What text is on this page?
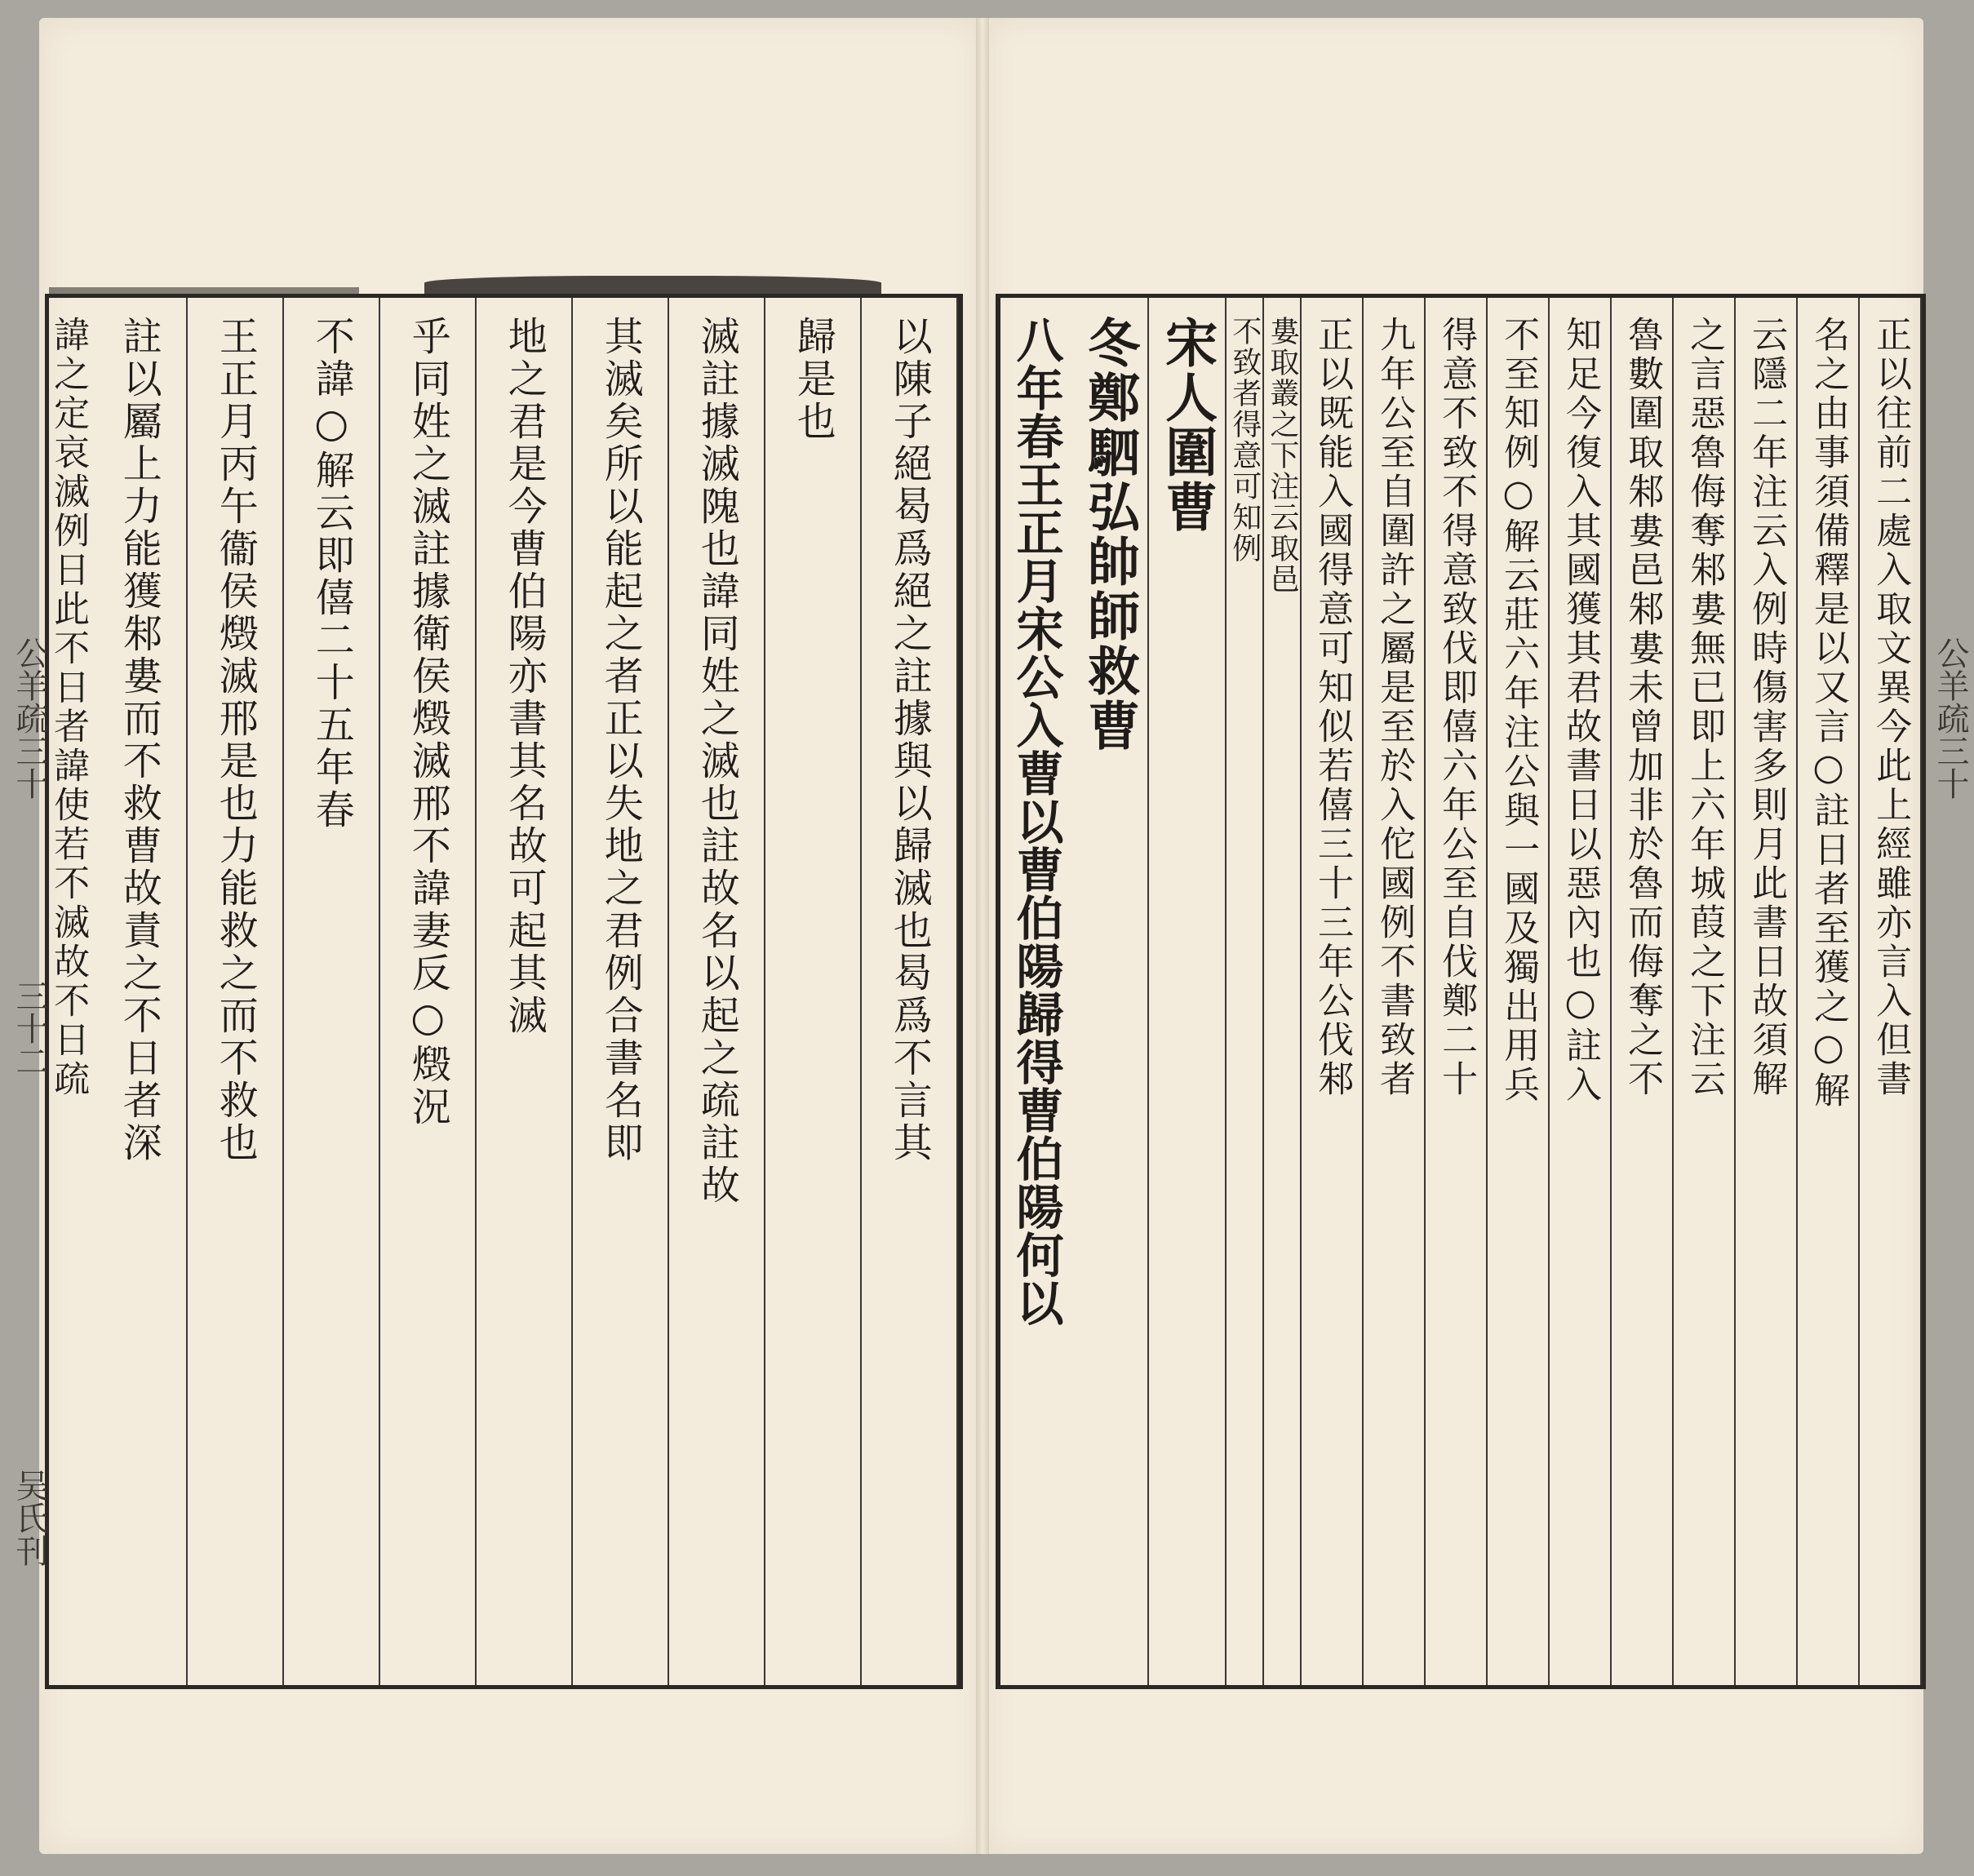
以陳子絕曷爲絕之註據與以歸滅也曷爲不言其
歸是也
滅註據滅隗也諱同姓之滅也註故名以起之疏註故
其滅矣所以能起之者正以失地之君例合書名即
地之君是今曹伯陽亦書其名故可起其滅
乎同姓之滅註據衛侯燬滅邢不諱妻反○燬況
不諱○解云即僖二十五年春
王正月丙午衞侯燬滅邢是也力能救之而不救也
註以屬上力能獲邾婁而不救曹故責之不日者深
諱之定哀滅例日此不日者諱使若不滅故不日疏
公羊疏三十
三十二
吴氏刊
正以往前二處入取文異今此上經雖亦言入但書
名之由事須備釋是以又言○註日者至獲之○解
云隱二年注云入例時傷害多則月此書日故須解
之言惡魯侮奪邾婁無已即上六年城葭之下注云
魯數圍取邾婁邑邾婁未曾加非於魯而侮奪之不
知足今復入其國獲其君故書日以惡內也○註入
不至知例○解云莊六年注公與一國及獨出用兵
得意不致不得意致伐即僖六年公至自伐鄭二十
九年公至自圍許之屬是至於入佗國例不書致者
正以既能入國得意可知似若僖三十三年公伐邾
婁取叢之下注云取邑
不致者得意可知例
宋人圍曹
冬鄭駟弘帥師救曹
八年春王正月宋公入曹以曹伯陽歸得曹伯陽何以	公羊疏三十
